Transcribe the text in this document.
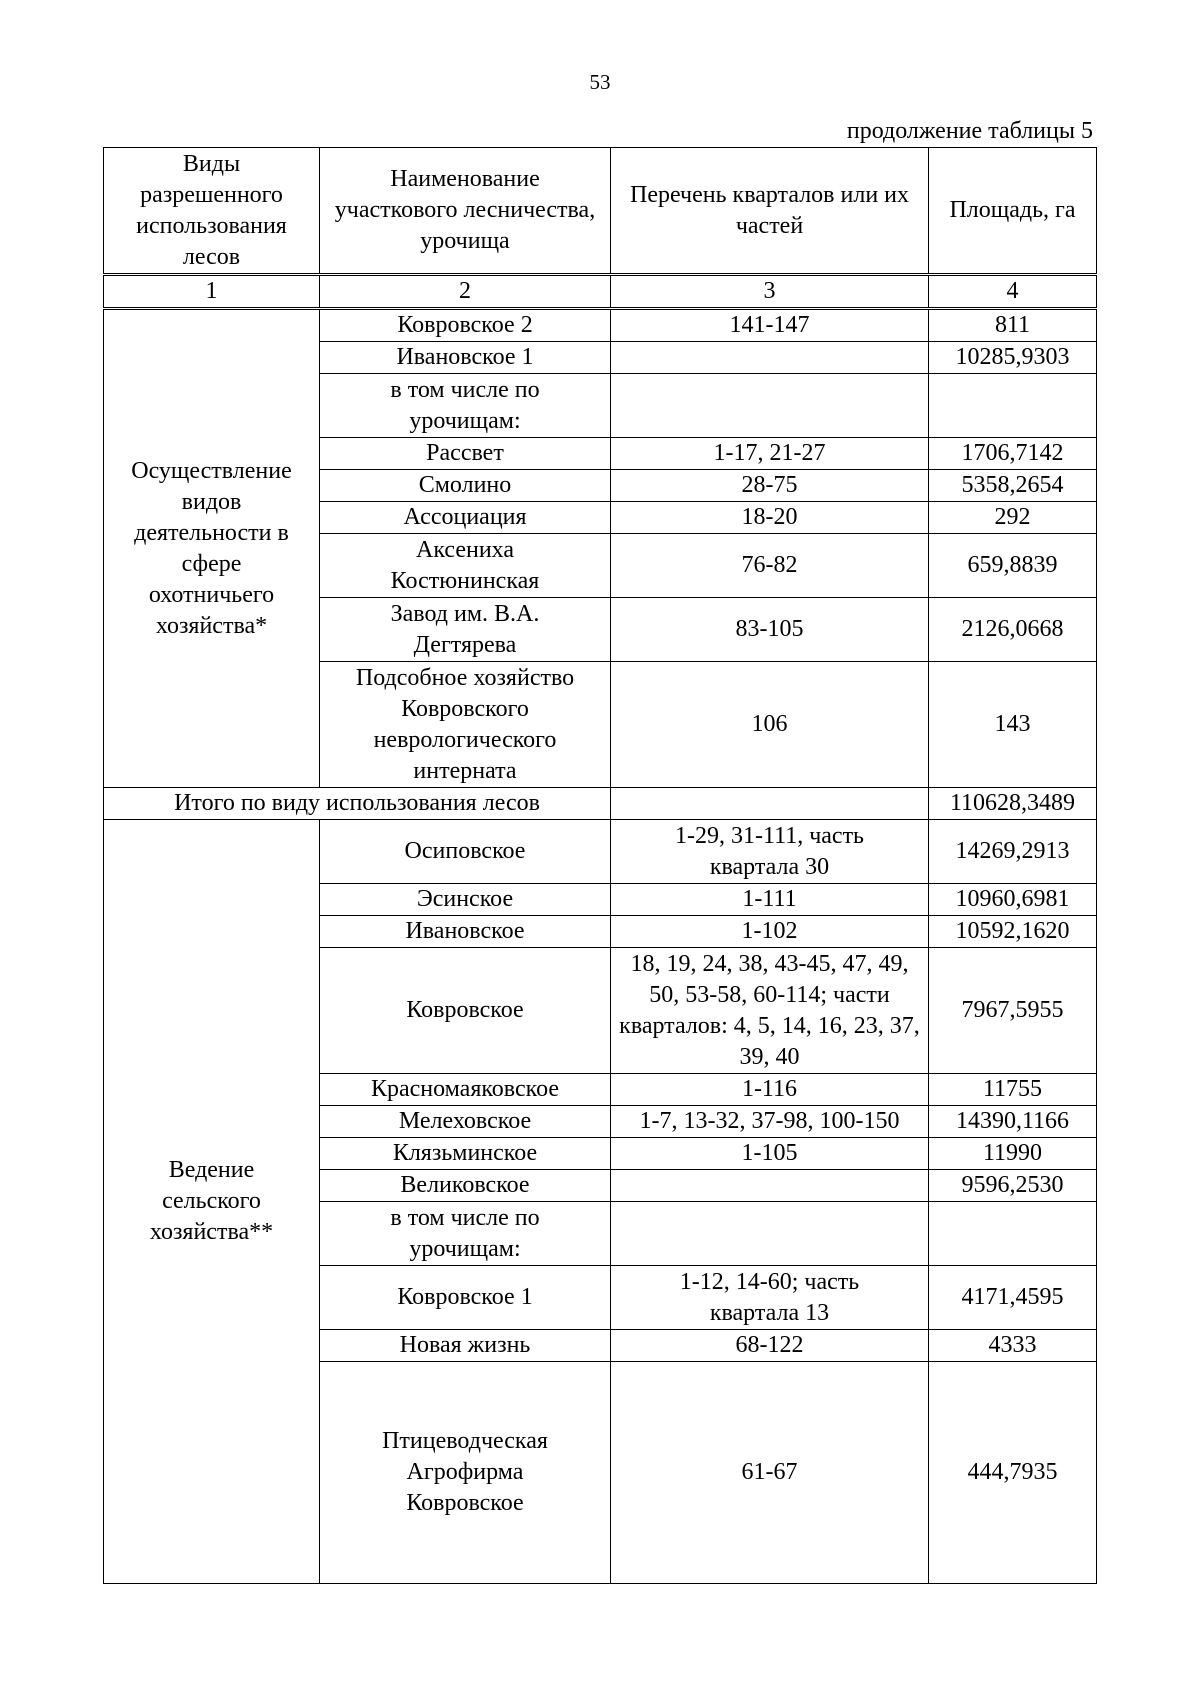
53
продолжение таблицы 5
Виды разрешенного использования лесов	Наименование участкового лесничества, урочища	Перечень кварталов или их частей	Площадь, га

1	2	3	4

Осуществление видов деятельности в сфере охотничьего хозяйства*	Ковровское 2	141-147	811
	Ивановское 1		10285,9303

	в том числе по урочищам:		

	Рассвет	1-17, 21-27	1706,7142
	Смолино	28-75	5358,2654
	Ассоциация	18-20	292

	Аксениха Костюнинская	76-82	659,8839

	Завод им. В.А. Дегтярева	83-105	2126,0668

	Подсобное хозяйство Ковровского неврологического интерната	106	143
Итого по виду использования лесов			110628,3489

Ведение сельского хозяйства**	Осиповское	1-29, 31-111, часть квартала 30	14269,2913
	Эсинское	1-111	10960,6981
	Ивановское	1-102	10592,1620
	Ковровское	18, 19, 24, 38, 43-45, 47, 49, 50, 53-58, 60-114; части кварталов: 4, 5, 14, 16, 23, 37, 39, 40	7967,5955
	Красномаяковское	1-116	11755
	Мелеховское	1-7, 13-32, 37-98, 100-150	14390,1166
	Клязьминское	1-105	11990
	Великовское		9596,2530

	в том числе по урочищам:		

	Ковровское 1	1-12, 14-60; часть квартала 13	4171,4595
	Новая жизнь	68-122	4333

	Птицеводческая Агрофирма Ковровское	61-67	444,7935
